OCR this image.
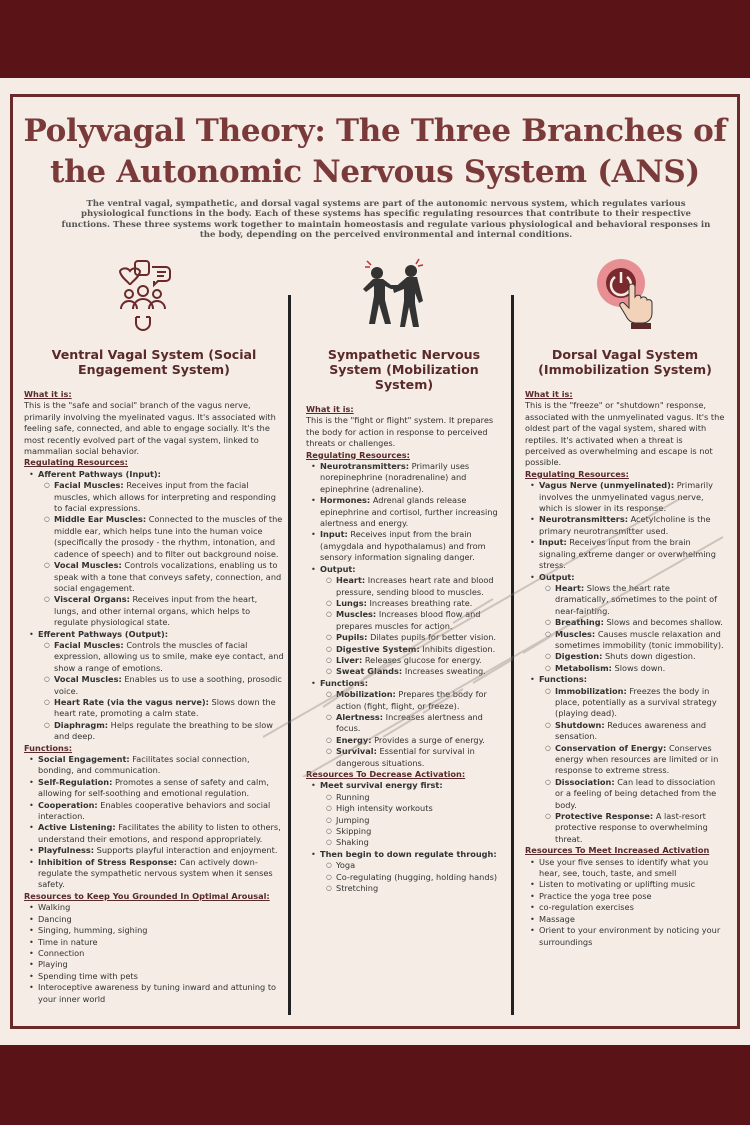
Polyvagal Theory: The Three Branches of the Autonomic Nervous System (ANS)

The ventral vagal, sympathetic, and dorsal vagal systems are part of the autonomic nervous system, which regulates various physiological functions in the body. Each of these systems has specific regulating resources that contribute to their respective functions. These three systems work together to maintain homeostasis and regulate various physiological and behavioral responses in the body, depending on the perceived environmental and internal conditions.

Ventral Vagal System (Social Engagement System)
What it is:

This is the "safe and social" branch of the vagus nerve, primarily involving the myelinated vagus. It's associated with feeling safe, connected, and able to engage socially. It's the most recently evolved part of the vagal system, linked to mammalian social behavior.

Regulating Resources:
• Afferent Pathways (Input):
○ Facial Muscles: Receives input from the facial muscles, which allows for interpreting and responding to facial expressions.
○ Middle Ear Muscles: Connected to the muscles of the middle ear, which helps tune into the human voice (specifically the prosody - the rhythm, intonation, and cadence of speech) and to filter out background noise.
○ Vocal Muscles: Controls vocalizations, enabling us to speak with a tone that conveys safety, connection, and social engagement.
○ Visceral Organs: Receives input from the heart, lungs, and other internal organs, which helps to regulate physiological state.
• Efferent Pathways (Output):
○ Facial Muscles: Controls the muscles of facial expression, allowing us to smile, make eye contact, and show a range of emotions.
○ Vocal Muscles: Enables us to use a soothing, prosodic voice.
○ Heart Rate (via the vagus nerve): Slows down the heart rate, promoting a calm state.
○ Diaphragm: Helps regulate the breathing to be slow and deep.
Functions:
• Social Engagement: Facilitates social connection, bonding, and communication.
• Self-Regulation: Promotes a sense of safety and calm, allowing for self-soothing and emotional regulation.
• Cooperation: Enables cooperative behaviors and social interaction.
• Active Listening: Facilitates the ability to listen to others, understand their emotions, and respond appropriately.
• Playfulness: Supports playful interaction and enjoyment.
• Inhibition of Stress Response: Can actively down-regulate the sympathetic nervous system when it senses safety.
Resources to Keep You Grounded In Optimal Arousal:
• Walking
• Dancing
• Singing, humming, sighing
• Time in nature
• Connection
• Playing
• Spending time with pets
• Interoceptive awareness by tuning inward and attuning to your inner world
Sympathetic Nervous System (Mobilization System)
What it is:

This is the "fight or flight" system. It prepares the body for action in response to perceived threats or challenges.

Regulating Resources:
• Neurotransmitters: Primarily uses norepinephrine (noradrenaline) and epinephrine (adrenaline).
• Hormones: Adrenal glands release epinephrine and cortisol, further increasing alertness and energy.
• Input: Receives input from the brain (amygdala and hypothalamus) and from sensory information signaling danger.
• Output:
○ Heart: Increases heart rate and blood pressure, sending blood to muscles.
○ Lungs: Increases breathing rate.
○ Muscles: Increases blood flow and prepares muscles for action.
○ Pupils: Dilates pupils for better vision.
○ Digestive System: Inhibits digestion.
○ Liver: Releases glucose for energy.
○ Sweat Glands: Increases sweating.
• Functions:
○ Mobilization: Prepares the body for action (fight, flight, or freeze).
○ Alertness: Increases alertness and focus.
○ Energy: Provides a surge of energy.
○ Survival: Essential for survival in dangerous situations.
Resources To Decrease Activation:
• Meet survival energy first:
○ Running
○ High intensity workouts
○ Jumping
○ Skipping
○ Shaking
• Then begin to down regulate through:
○ Yoga
○ Co-regulating (hugging, holding hands)
○ Stretching
Dorsal Vagal System (Immobilization System)
What it is:

This is the "freeze" or "shutdown" response, associated with the unmyelinated vagus. It's the oldest part of the vagal system, shared with reptiles. It's activated when a threat is perceived as overwhelming and escape is not possible.

Regulating Resources:
• Vagus Nerve (unmyelinated): Primarily involves the unmyelinated vagus nerve, which is slower in its response.
• Neurotransmitters: Acetylcholine is the primary neurotransmitter used.
• Input: Receives input from the brain signaling extreme danger or overwhelming stress.
• Output:
○ Heart: Slows the heart rate dramatically, sometimes to the point of near-fainting.
○ Breathing: Slows and becomes shallow.
○ Muscles: Causes muscle relaxation and sometimes immobility (tonic immobility).
○ Digestion: Shuts down digestion.
○ Metabolism: Slows down.
• Functions:
○ Immobilization: Freezes the body in place, potentially as a survival strategy (playing dead).
○ Shutdown: Reduces awareness and sensation.
○ Conservation of Energy: Conserves energy when resources are limited or in response to extreme stress.
○ Dissociation: Can lead to dissociation or a feeling of being detached from the body.
○ Protective Response: A last-resort protective response to overwhelming threat.
Resources To Meet Increased Activation
• Use your five senses to identify what you hear, see, touch, taste, and smell
• Listen to motivating or uplifting music
• Practice the yoga tree pose
• co-regulation exercises
• Massage
• Orient to your environment by noticing your surroundings
